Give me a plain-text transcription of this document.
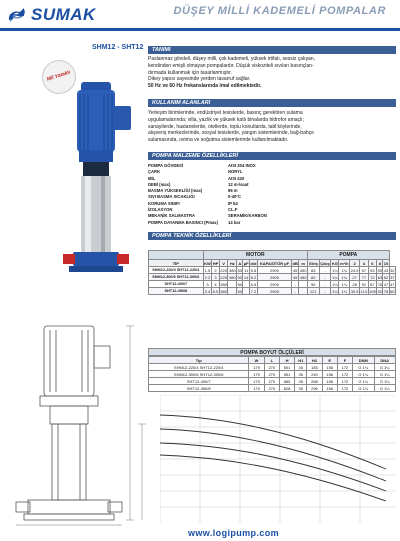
SUMAK	DÜŞEY MİLLİ KADEMELİ POMPALAR
SHM12 - SHT12
Mil Yataklı
TANIMI
Paslanmaz gövdeli, düşey milli, çok kademeli, yüksek irtifalı, sessiz çalışan,
kendinden emişli olmayan pompalardır. Düşük viskoziteli sıvıları basınçlan-
dırmada kullanmak için tasarlanmıştır.
Dikey yapısı sayesinde yerden tasarruf sağlar.
50 Hz ve 60 Hz frekanslarında imal edilmektedir.
KULLANIM ALANLARI
Yerleşim birimlerinde, endüstriyel tesislerde, basınç gerektiren sulama
uygulamalarında; villa, yazlık ve yüksek katlı binalarda hidrofor amaçlı;
sanayilerde, hastanelerde, otellerde, toplu konutlarda, tatil köylerinde,
alışveriş merkezlerinde, sosyal tesislerde, yangın sistemlerinde, bağ-bahçe
sulamasında, ısıtma ve soğutma sistemlerinde kullanılmaktadır.
POMPA MALZEME ÖZELLİKLERİ
POMPA GÖVDESİ	AISI 304 INOX
ÇARK	NORYL
MİL	AISI 420
DEBİ (max)	12 m³/saat
BASMA YÜKSEKLİĞİ (max)	96 m
SIVI BASMA SICAKLIĞI	0-40°C
KORUMA SINIFI	IP 54
İZOLASYON	CL.F
MEKANİK SALMASTRA	SERAMİK/KARBON
POMPA DAYANMA BASINCI (Pmax)	14 bar
POMPA TEKNİK ÖZELLİKLERİ
	MOTOR										POMPA									
TİP	KW	HP	V	Hz	A	µF	d/d	KAPASİTÖR µF	dB	m	Giriş	Çıkış	KG	m³/h	2	4	6	8	10	
SHM12-220/4 SHT12-220/4	1.5	2	220	380	50	11	5.5	2900	45	450	65	-	1¼	1¼	24.5	57	53	50	43	32
SHM12-300/6 SHT12-300/6	2.2	3	220	380	50	14	8.2	2900	45	450	82	-	1¼	1¼	27	77	72	63	52	37
SHT12-400/7	3	4	380		50		6.5	2900	-		96	-	1¼	1¼	28	91	87	76	47	47
SHT12-450/8	3.4	5.5	380		50		7.2	2900	-		121	-	1¼	1¼	30.5	113	105	92	78	60
POMPA BOYUT ÖLÇÜLERİ
Tip	W	L	H	H1	H2	E	F	DNM	DNA
SHM12-220/4 SHT12-220/4	179	270	501	35	183	156	172	G 1¼	G 1¼
SHM12-300/6 SHT12-300/6	179	270	551	35	240	156	172	G 1¼	G 1¼
SHT12-400/7	179	270	585	35	268	156	172	G 1¼	G 1¼
SHT12-450/8	179	270	628	35	296	156	172	G 1¼	G 1¼
www.logipump.com
